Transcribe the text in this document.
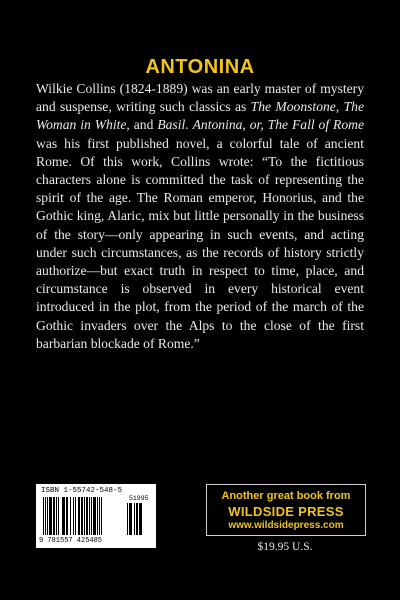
ANTONINA
Wilkie Collins (1824-1889) was an early master of mystery and suspense, writing such classics as The Moonstone, The Woman in White, and Basil. Antonina, or, The Fall of Rome was his first published novel, a colorful tale of ancient Rome. Of this work, Collins wrote: “To the fictitious characters alone is committed the task of representing the spirit of the age. The Roman emperor, Honorius, and the Gothic king, Alaric, mix but little personally in the business of the story—only appearing in such events, and acting under such circumstances, as the records of history strictly authorize—but exact truth in respect to time, place, and circumstance is observed in every historical event introduced in the plot, from the period of the march of the Gothic invaders over the Alps to the close of the first barbarian blockade of Rome.”
ISBN 1-55742-548-5
51995
9 781557 425485
Another great book from
WILDSIDE PRESS
www.wildsidepress.com
$19.95 U.S.
